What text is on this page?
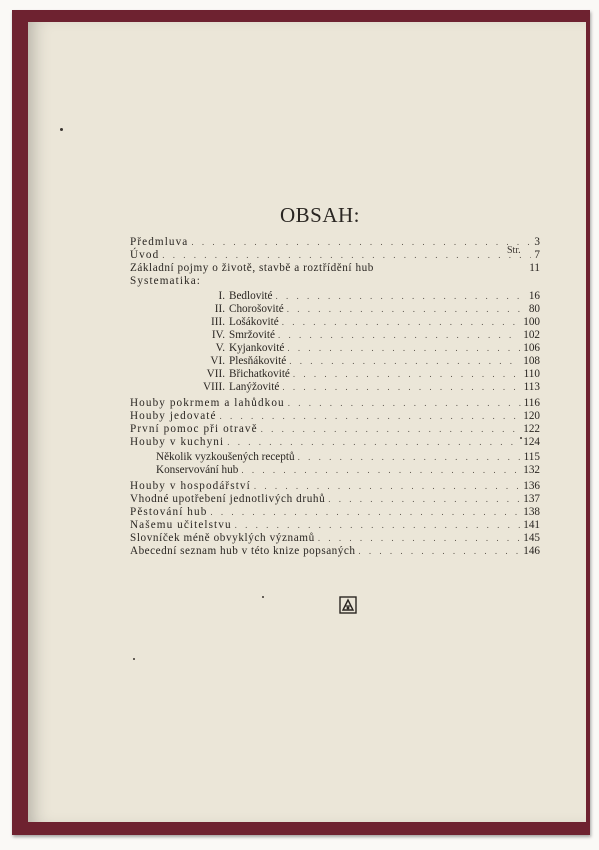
OBSAH:
Str.
Předmluva . . .	3
Úvod . . .	7
Základní pojmy o životě, stavbě a roztřídění hub	11
Systematika:
I. Bedlovité . . .	16
II. Chorošovité . . .	80
III. Lošákovité . . .	100
IV. Smržovité . . .	102
V. Kyjankovité . . .	106
VI. Plesňákovité . . .	108
VII. Břichatkovité . . .	110
VIII. Lanýžovité . . .	113
Houby pokrmem a lahůdkou . . .	116
Houby jedovaté . . .	120
První pomoc při otravě . . .	122
Houby v kuchyni . . .	124
Několik vyzkoušených receptů . . .	115
Konservování hub . . .	132
Houby v hospodářství . . .	136
Vhodné upotřebení jednotlivých druhů . . .	137
Pěstování hub . . .	138
Našemu učitelstvu . . .	141
Slovníček méně obvyklých významů . . .	145
Abecední seznam hub v této knize popsaných . . .	146
